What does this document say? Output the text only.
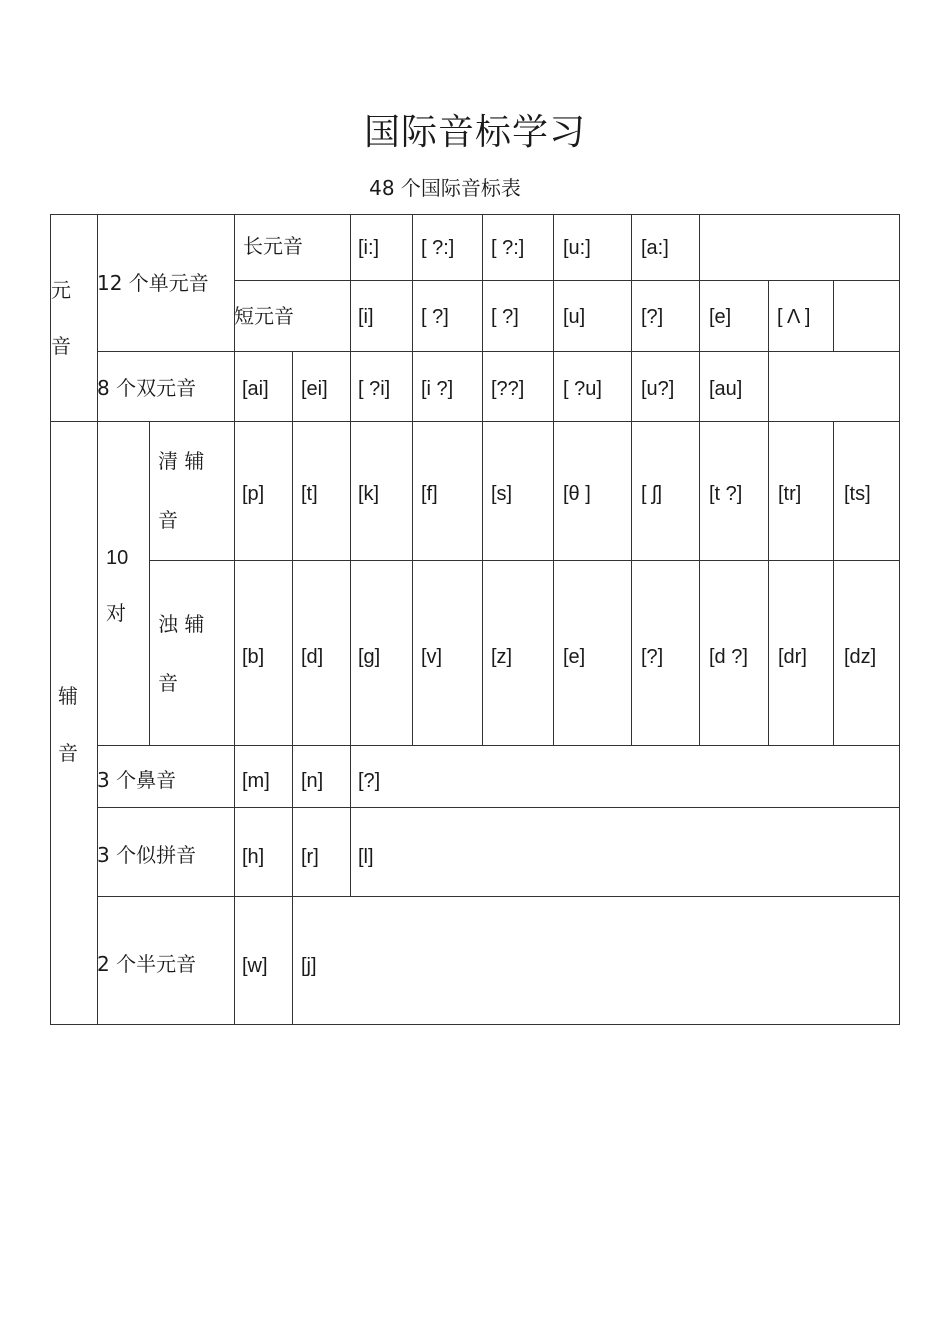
国际音标学习
48 个国际音标表
元
音
12 个单元音
长元音	[i:] [ ?:] [ ?:] [u:]	[a:]
短元音	[i] [ ?] [ ?] [u]	[?] [e] [ Λ ]
8 个双元音 [ai] [ei] [ ?i] [i ?] [??] [ ?u] [u?] [au]
辅
音
10
对
清 辅
音
[p] [t] [k] [f]	[s]	[θ ]	[ ʃ] [t ?] [tr] [ts]
浊 辅
音
[b] [d] [g] [v] [z]	[e]	[?] [d ?] [dr] [dz]
3 个鼻音	[m] [n] [?]
3 个似拼音 [h] [r] [l]
2 个半元音 [w] [j]
